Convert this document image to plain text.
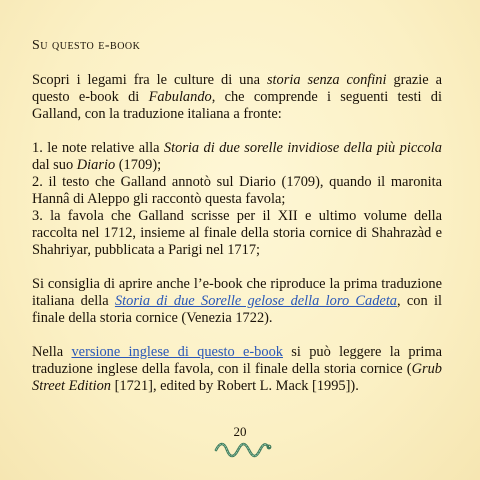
Su questo e-book

Scopri i legami fra le culture di una storia senza confini grazie a questo e-book di Fabulando, che comprende i seguenti testi di Galland, con la traduzione italiana a fronte:

1. le note relative alla Storia di due sorelle invidiose della più piccola dal suo Diario (1709);
2. il testo che Galland annotò sul Diario (1709), quando il maronita Hannâ di Aleppo gli raccontò questa favola;
3. la favola che Galland scrisse per il XII e ultimo volume della raccolta nel 1712, insieme al finale della storia cornice di Shahrazàd e Shahriyar, pubblicata a Parigi nel 1717;

Si consiglia di aprire anche l’e-book che riproduce la prima traduzione italiana della Storia di due Sorelle gelose della loro Cadeta, con il finale della storia cornice (Venezia 1722).

Nella versione inglese di questo e-book si può leggere la prima traduzione inglese della favola, con il finale della storia cornice (Grub Street Edition [1721], edited by Robert L. Mack [1995]).

20
